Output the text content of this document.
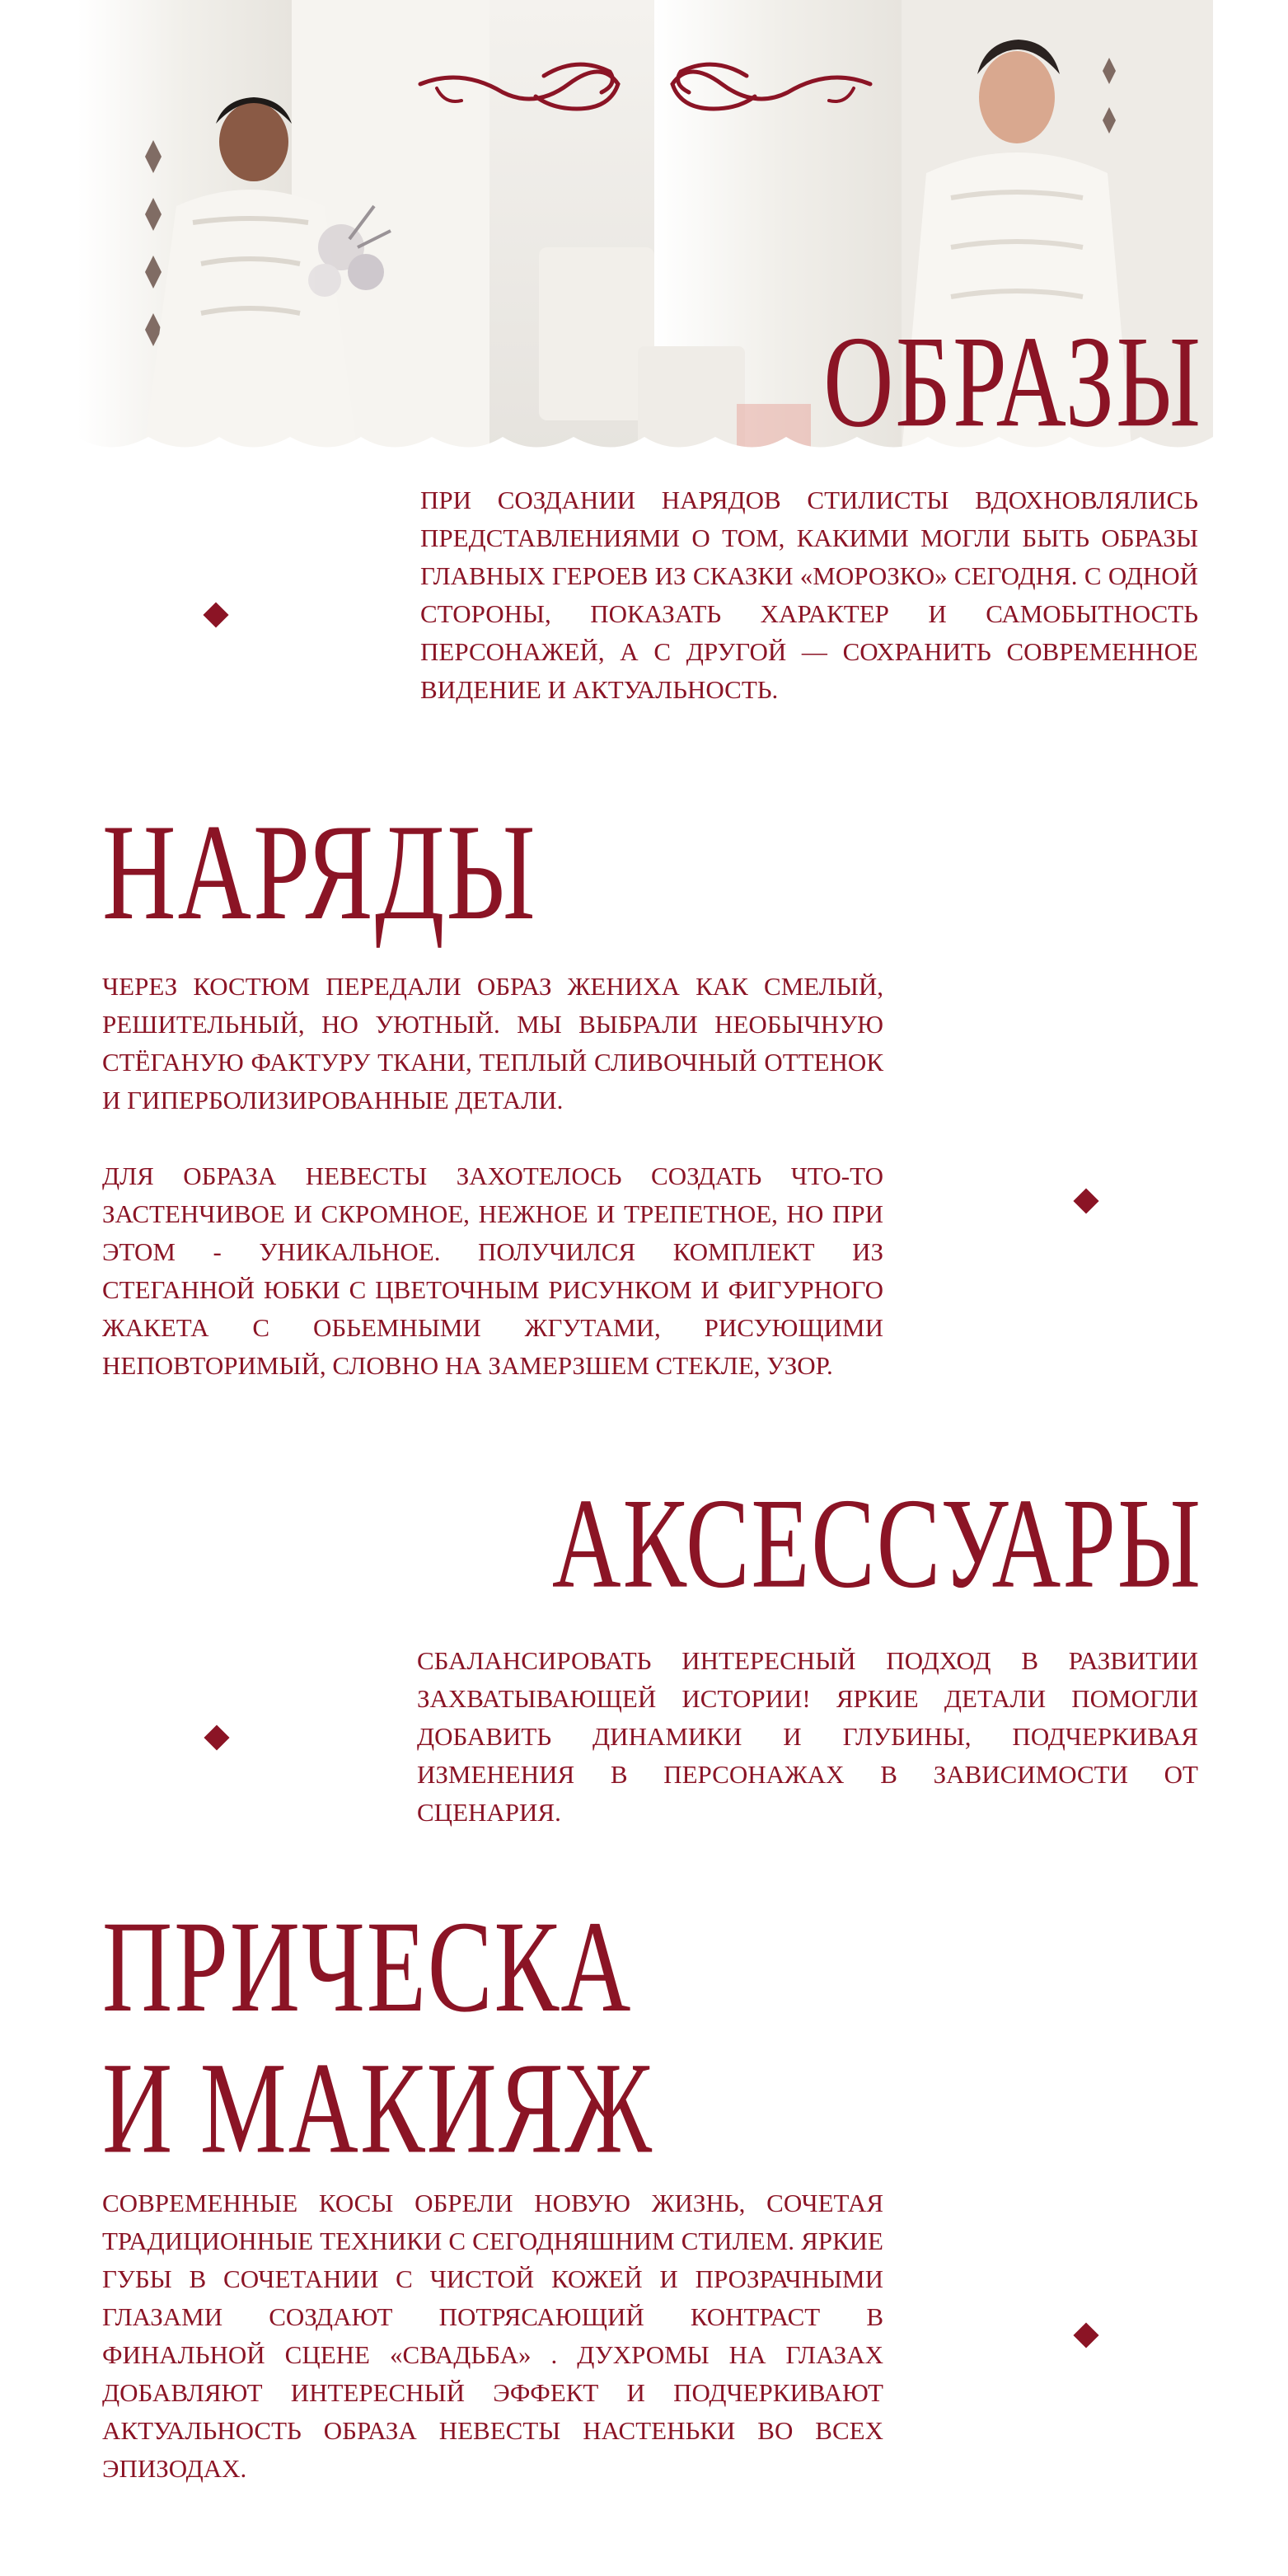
ОБРАЗЫ

ПРИ СОЗДАНИИ НАРЯДОВ СТИЛИСТЫ ВДОХНОВЛЯЛИСЬ ПРЕДСТАВЛЕНИЯМИ О ТОМ, КАКИМИ МОГЛИ БЫТЬ ОБРАЗЫ ГЛАВНЫХ ГЕРОЕВ ИЗ СКАЗКИ «МОРОЗКО» СЕГОДНЯ. С ОДНОЙ СТОРОНЫ, ПОКАЗАТЬ ХАРАКТЕР И САМОБЫТНОСТЬ ПЕРСОНАЖЕЙ, А С ДРУГОЙ — СОХРАНИТЬ СОВРЕМЕННОЕ ВИДЕНИЕ И АКТУАЛЬНОСТЬ.

НАРЯДЫ

ЧЕРЕЗ КОСТЮМ ПЕРЕДАЛИ ОБРАЗ ЖЕНИХА КАК СМЕЛЫЙ, РЕШИТЕЛЬНЫЙ, НО УЮТНЫЙ. МЫ ВЫБРАЛИ НЕОБЫЧНУЮ СТЁГАНУЮ ФАКТУРУ ТКАНИ, ТЕПЛЫЙ СЛИВОЧНЫЙ ОТТЕНОК И ГИПЕРБОЛИЗИРОВАННЫЕ ДЕТАЛИ.

ДЛЯ ОБРАЗА НЕВЕСТЫ ЗАХОТЕЛОСЬ СОЗДАТЬ ЧТО-ТО ЗАСТЕНЧИВОЕ И СКРОМНОЕ, НЕЖНОЕ И ТРЕПЕТНОЕ, НО ПРИ ЭТОМ - УНИКАЛЬНОЕ. ПОЛУЧИЛСЯ КОМПЛЕКТ ИЗ СТЕГАННОЙ ЮБКИ С ЦВЕТОЧНЫМ РИСУНКОМ И ФИГУРНОГО ЖАКЕТА С ОБЬЕМНЫМИ ЖГУТАМИ, РИСУЮЩИМИ НЕПОВТОРИМЫЙ, СЛОВНО НА ЗАМЕРЗШЕМ СТЕКЛЕ, УЗОР.

АКСЕССУАРЫ

СБАЛАНСИРОВАТЬ ИНТЕРЕСНЫЙ ПОДХОД В РАЗВИТИИ ЗАХВАТЫВАЮЩЕЙ ИСТОРИИ! ЯРКИЕ ДЕТАЛИ ПОМОГЛИ ДОБАВИТЬ ДИНАМИКИ И ГЛУБИНЫ, ПОДЧЕРКИВАЯ ИЗМЕНЕНИЯ В ПЕРСОНАЖАХ В ЗАВИСИМОСТИ ОТ СЦЕНАРИЯ.

ПРИЧЕСКА
И МАКИЯЖ

СОВРЕМЕННЫЕ КОСЫ ОБРЕЛИ НОВУЮ ЖИЗНЬ, СОЧЕТАЯ ТРАДИЦИОННЫЕ ТЕХНИКИ С СЕГОДНЯШНИМ СТИЛЕМ. ЯРКИЕ ГУБЫ В СОЧЕТАНИИ С ЧИСТОЙ КОЖЕЙ И ПРОЗРАЧНЫМИ ГЛАЗАМИ СОЗДАЮТ ПОТРЯСАЮЩИЙ КОНТРАСТ В ФИНАЛЬНОЙ СЦЕНЕ «СВАДЬБА» . ДУХРОМЫ НА ГЛАЗАХ ДОБАВЛЯЮТ ИНТЕРЕСНЫЙ ЭФФЕКТ И ПОДЧЕРКИВАЮТ АКТУАЛЬНОСТЬ ОБРАЗА НЕВЕСТЫ НАСТЕНЬКИ ВО ВСЕХ ЭПИЗОДАХ.
